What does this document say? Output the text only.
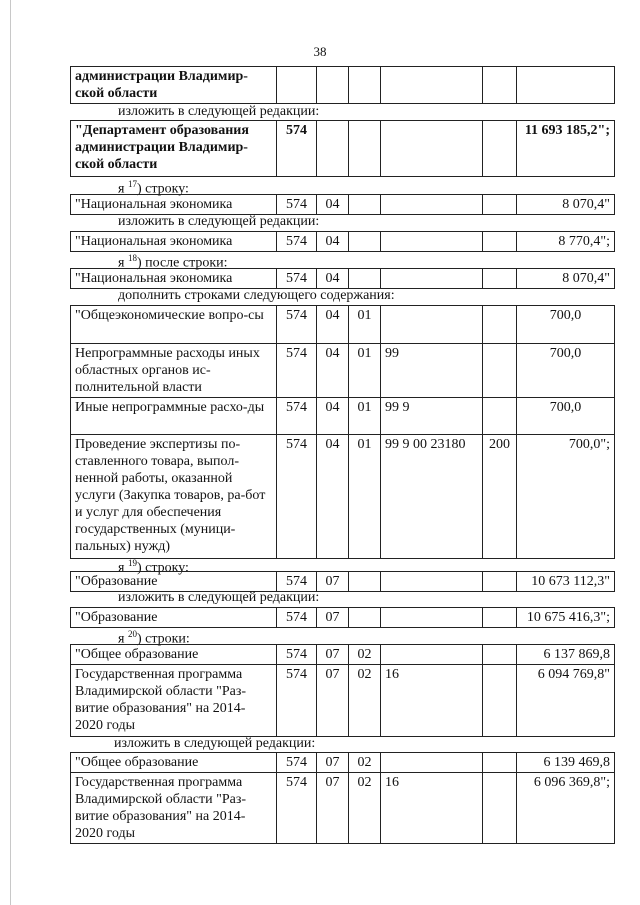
38
администрации Владимир-ской области						
изложить в следующей редакции:
"Департамент образования администрации Владимир-ской области	574					11 693 185,2";
я $^{17}$) строку:
"Национальная экономика	574	04				8 070,4"
изложить в следующей редакции:
"Национальная экономика	574	04				8 770,4";
я $^{18}$) после строки:
"Национальная экономика	574	04				8 070,4"
дополнить строками следующего содержания:
"Общеэкономические вопро-сы	574	04	01			700,0
Непрограммные расходы иных областных органов ис-полнительной власти	574	04	01	99		700,0
Иные непрограммные расхо-ды	574	04	01	99 9		700,0
Проведение экспертизы по-ставленного товара, выпол-ненной работы, оказанной услуги (Закупка товаров, ра-бот и услуг для обеспечения государственных (муници-пальных) нужд)	574	04	01	99 9 00 23180	200	700,0";
я $^{19}$) строку:
"Образование	574	07				10 673 112,3"
изложить в следующей редакции:
"Образование	574	07				10 675 416,3";
я $^{20}$) строки:
"Общее образование	574	07	02			6 137 869,8
Государственная программа Владимирской области "Раз-витие образования" на 2014-2020 годы	574	07	02	16		6 094 769,8"
изложить в следующей редакции:
"Общее образование	574	07	02			6 139 469,8
Государственная программа Владимирской области "Раз-витие образования" на 2014-2020 годы	574	07	02	16		6 096 369,8";
